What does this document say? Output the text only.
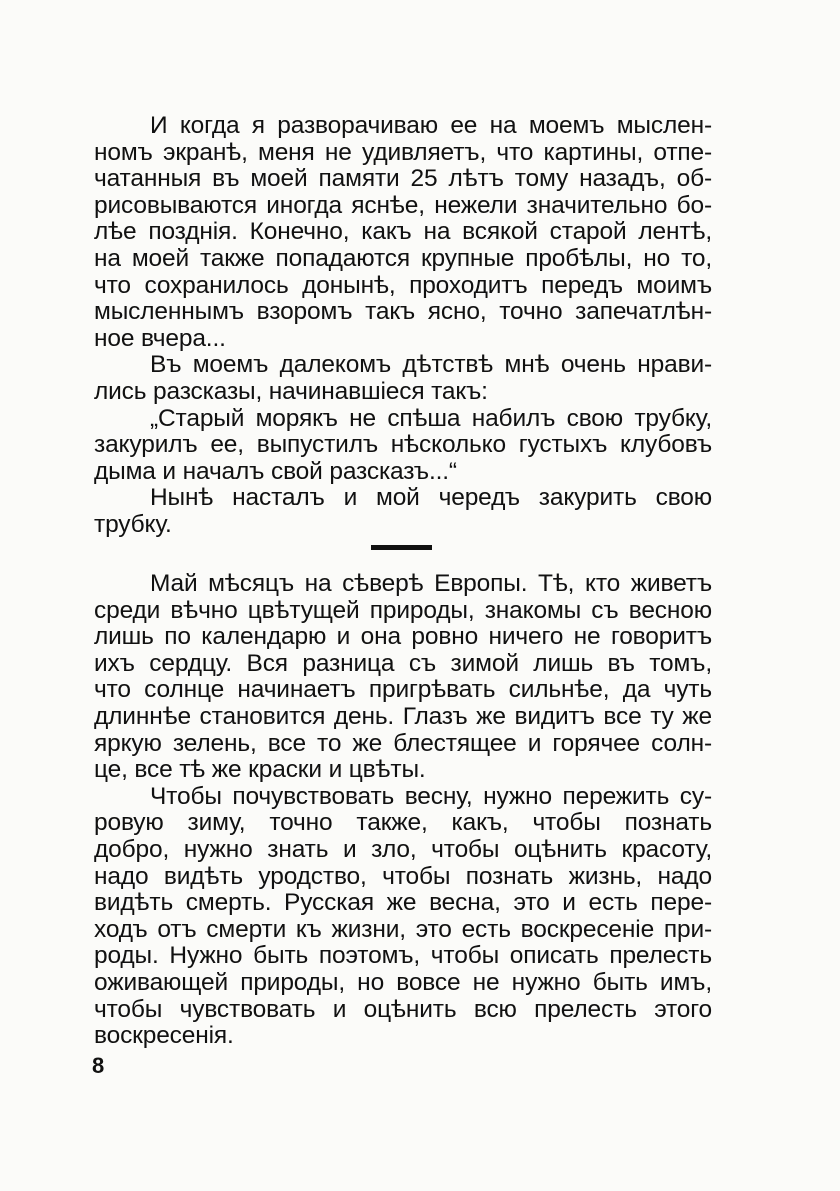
И когда я разворачиваю ее на моемъ мыслен-
номъ экранѣ, меня не удивляетъ, что картины, отпе-
чатанныя въ моей памяти 25 лѣтъ тому назадъ, об-
рисовываются иногда яснѣе, нежели значительно бо-
лѣе позднія. Конечно, какъ на всякой старой лентѣ,
на моей также попадаются крупные пробѣлы, но то,
что сохранилось донынѣ, проходитъ передъ моимъ
мысленнымъ взоромъ такъ ясно, точно запечатлѣн-
ное вчера...
Въ моемъ далекомъ дѣтствѣ мнѣ очень нрави-
лись разсказы, начинавшіеся такъ:
„Старый морякъ не спѣша набилъ свою трубку,
закурилъ ее, выпустилъ нѣсколько густыхъ клубовъ
дыма и началъ свой разсказъ...“
Нынѣ насталъ и мой чередъ закурить свою
трубку.
Май мѣсяцъ на сѣверѣ Европы. Тѣ, кто живетъ
среди вѣчно цвѣтущей природы, знакомы съ весною
лишь по календарю и она ровно ничего не говоритъ
ихъ сердцу. Вся разница съ зимой лишь въ томъ,
что солнце начинаетъ пригрѣвать сильнѣе, да чуть
длиннѣе становится день. Глазъ же видитъ все ту же
яркую зелень, все то же блестящее и горячее солн-
це, все тѣ же краски и цвѣты.
Чтобы почувствовать весну, нужно пережить су-
ровую зиму, точно также, какъ, чтобы познать
добро, нужно знать и зло, чтобы оцѣнить красоту,
надо видѣть уродство, чтобы познать жизнь, надо
видѣть смерть. Русская же весна, это и есть пере-
ходъ отъ смерти къ жизни, это есть воскресеніе при-
роды. Нужно быть поэтомъ, чтобы описать прелесть
оживающей природы, но вовсе не нужно быть имъ,
чтобы чувствовать и оцѣнить всю прелесть этого
воскресенія.
8
